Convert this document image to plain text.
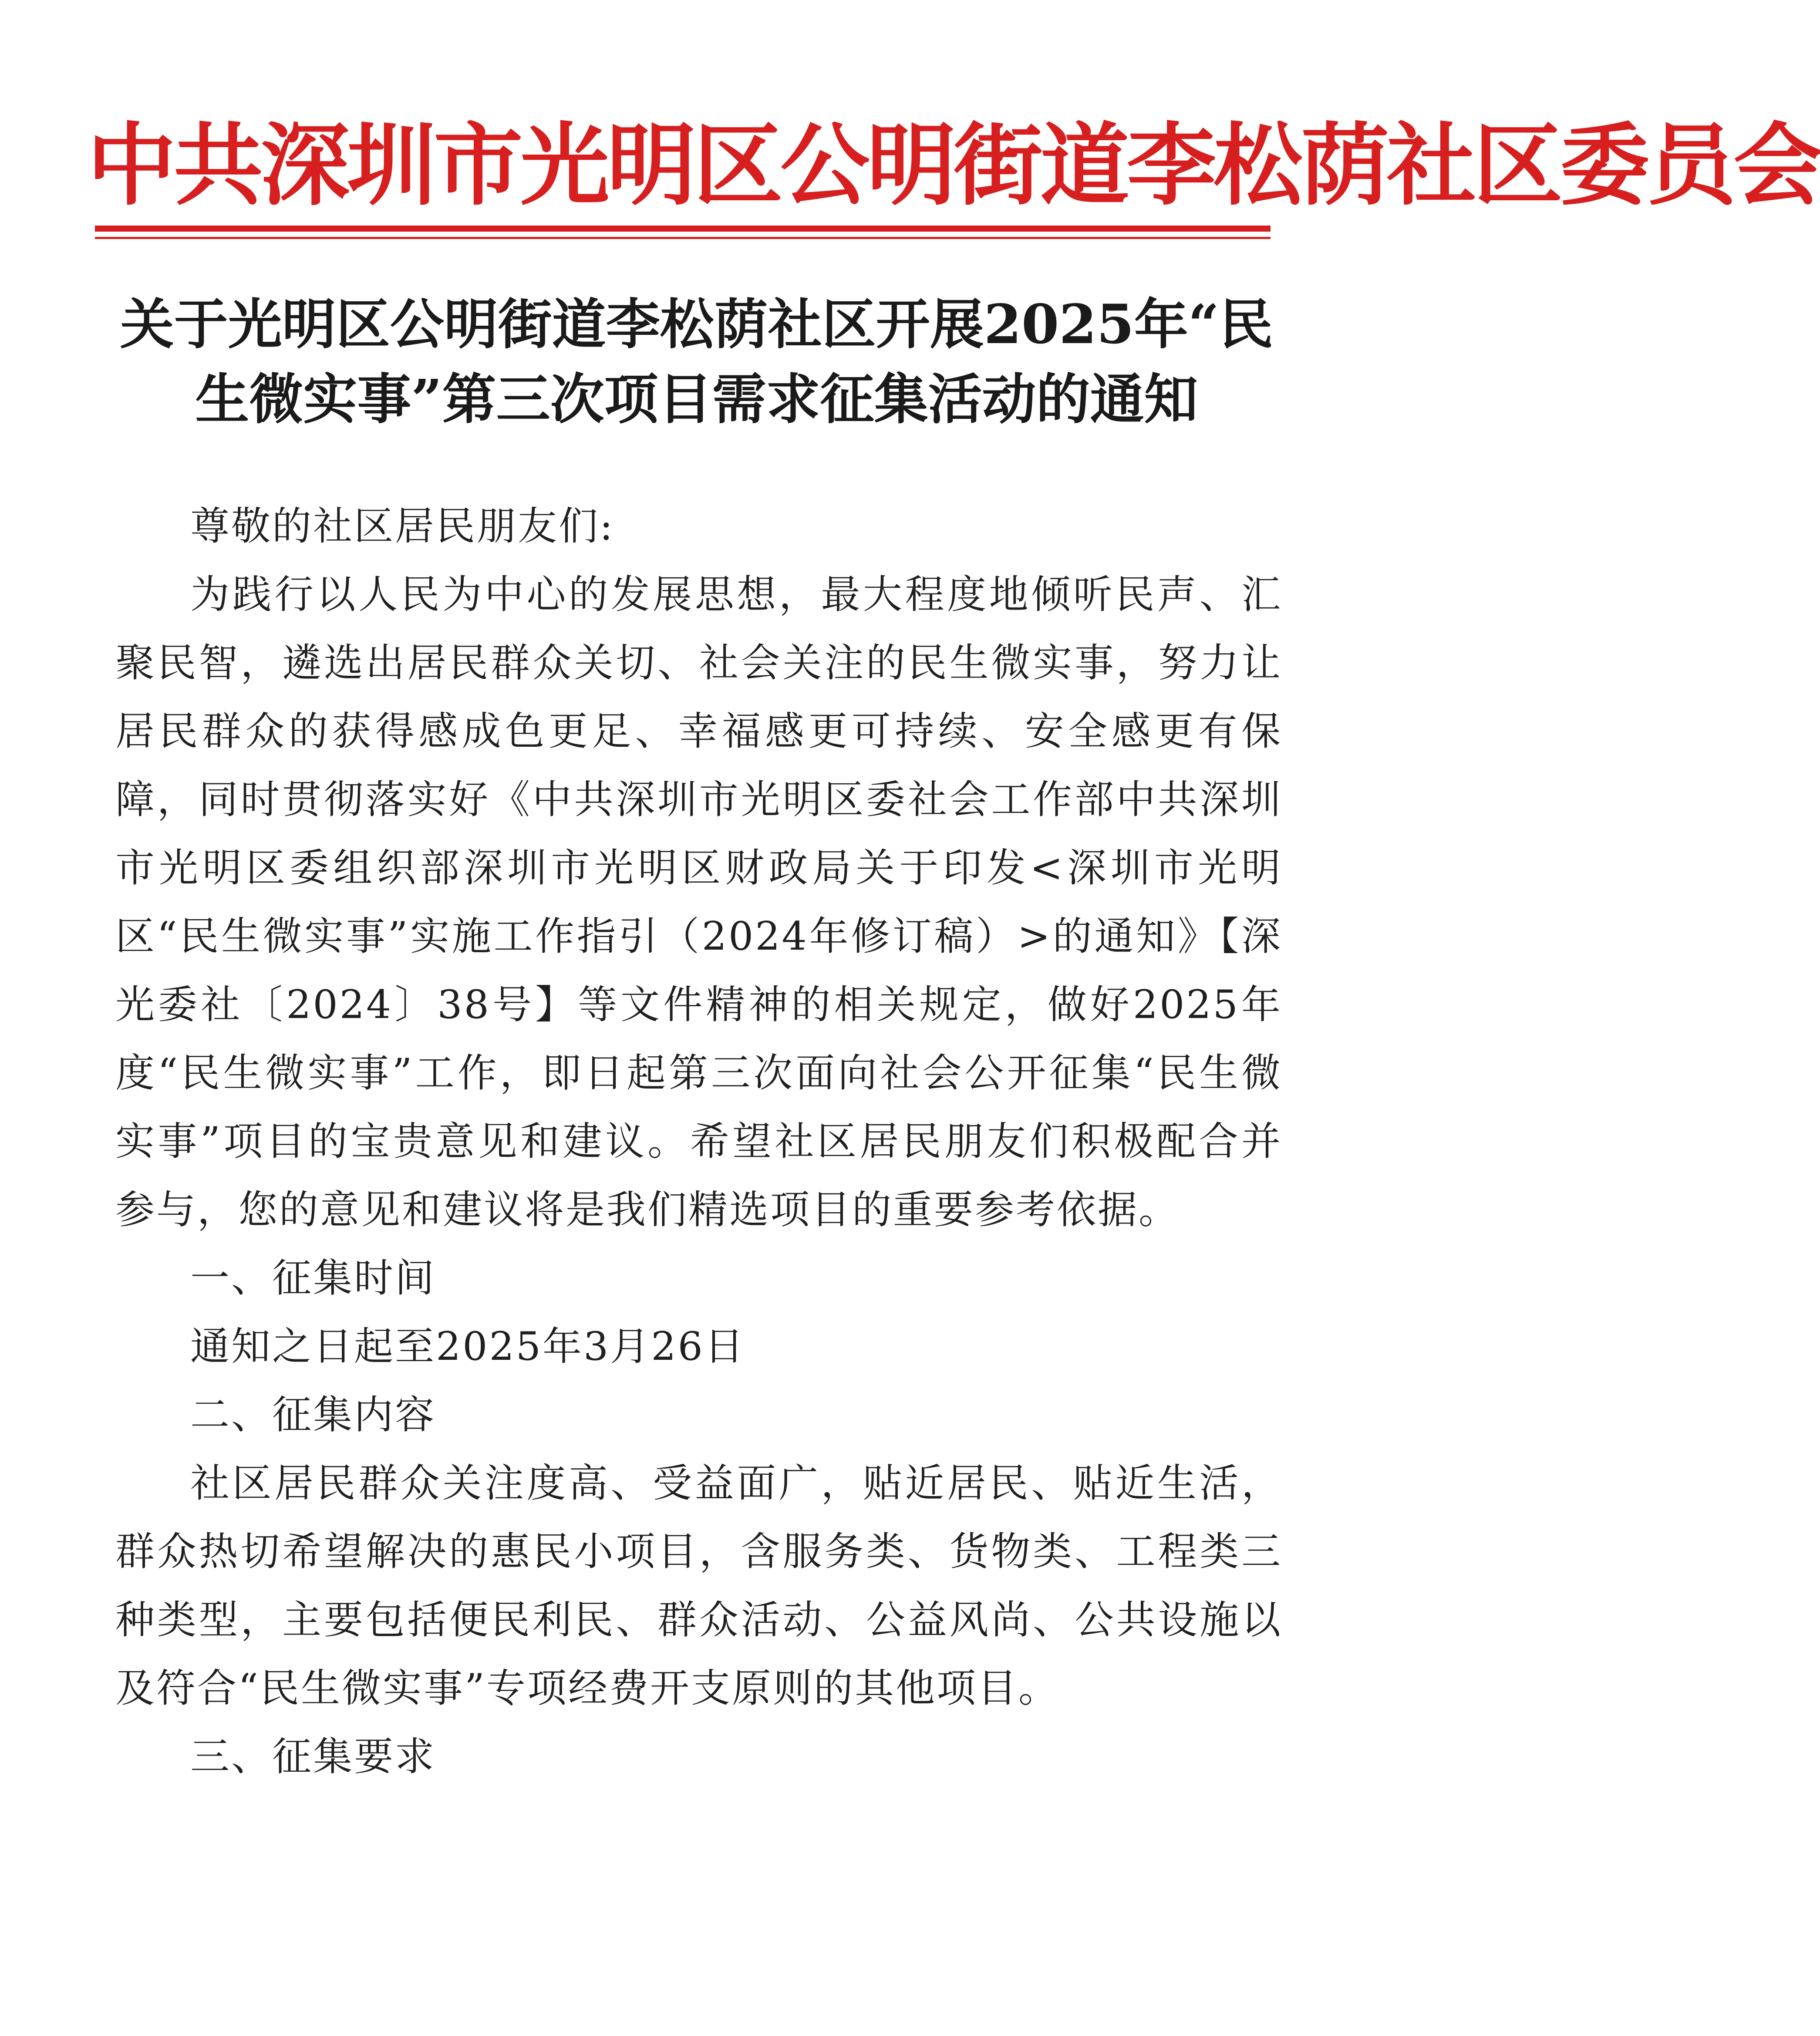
中共深圳市光明区公明街道李松荫社区委员会
关于光明区公明街道李松荫社区开展2025年“民
生微实事”第三次项目需求征集活动的通知

尊敬的社区居民朋友们:

为践行以人民为中心的发展思想，最大程度地倾听民声、汇聚民智，遴选出居民群众关切、社会关注的民生微实事，努力让居民群众的获得感成色更足、幸福感更可持续、安全感更有保障，同时贯彻落实好《中共深圳市光明区委社会工作部中共深圳市光明区委组织部深圳市光明区财政局关于印发<深圳市光明区“民生微实事”实施工作指引（2024年修订稿）>的通知》【深光委社〔2024〕38号】等文件精神的相关规定，做好2025年度“民生微实事”工作，即日起第三次面向社会公开征集“民生微实事”项目的宝贵意见和建议。希望社区居民朋友们积极配合并参与，您的意见和建议将是我们精选项目的重要参考依据。

一、征集时间

通知之日起至2025年3月26日

二、征集内容

社区居民群众关注度高、受益面广，贴近居民、贴近生活，群众热切希望解决的惠民小项目，含服务类、货物类、工程类三种类型，主要包括便民利民、群众活动、公益风尚、公共设施以及符合“民生微实事”专项经费开支原则的其他项目。

三、征集要求
